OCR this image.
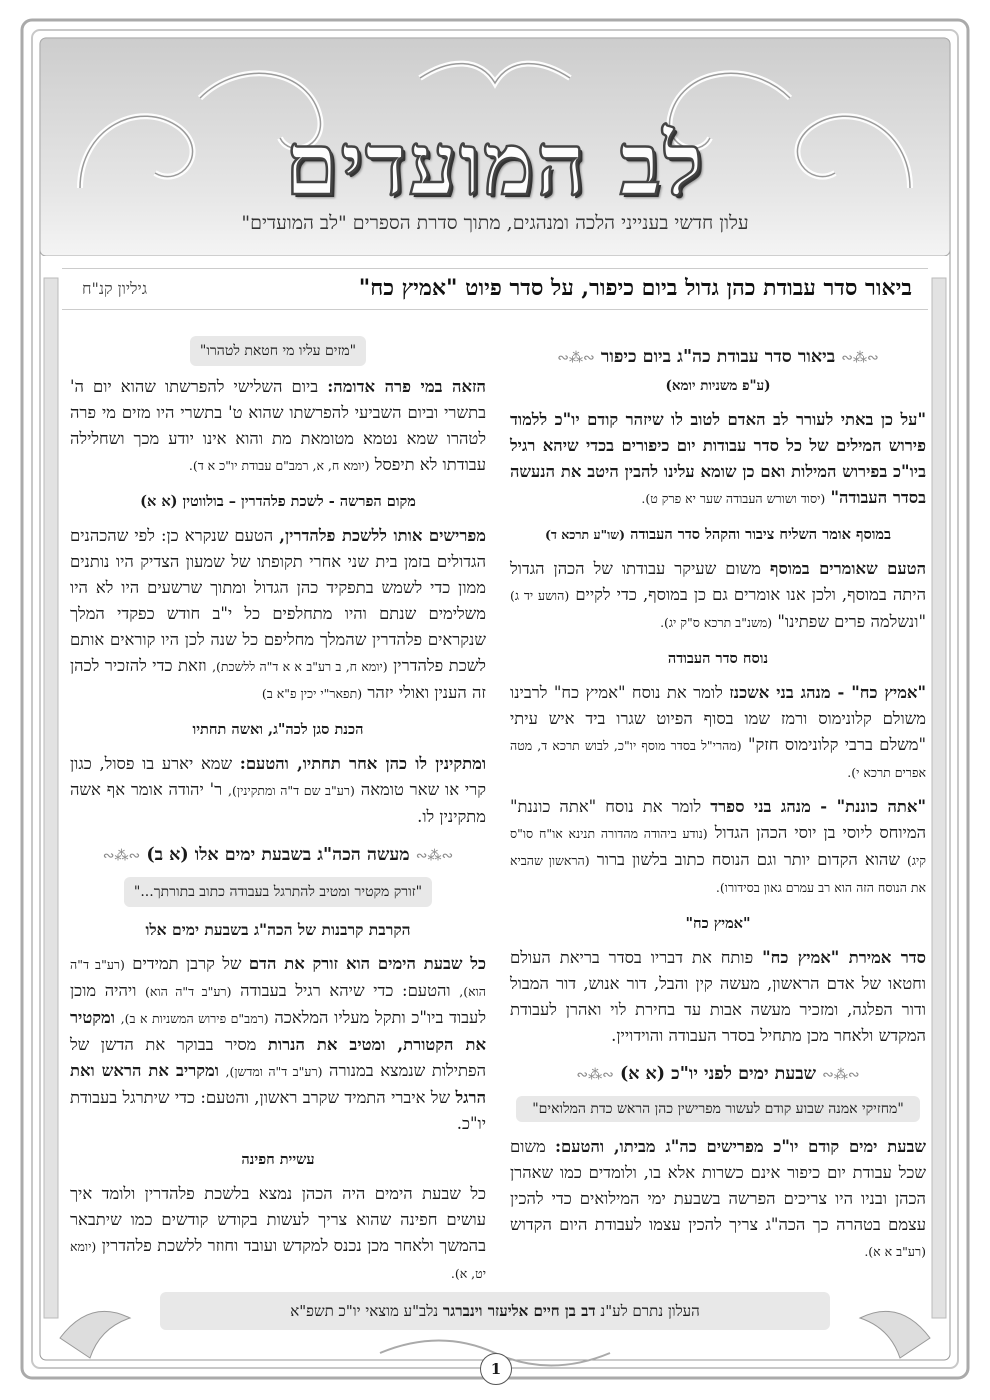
לב המועדים
עלון חדשי בענייני הלכה ומנהגים, מתוך סדרת הספרים "לב המועדים"
ביאור סדר עבודת כהן גדול ביום כיפור, על סדר פיוט "אמיץ כח"
גיליון קנ"ח
∾⁂∾ ביאור סדר עבודת כה"ג ביום כיפור ∾⁂∾
(ע"פ משניות יומא)

"על כן באתי לעורר לב האדם לטוב לו שיזהר קודם יו"כ ללמוד פירוש המילים של כל סדר עבודות יום כיפורים בכדי שיהא רגיל ביו"כ בפירוש המילות ואם כן שומא עלינו להבין היטב את הנעשה בסדר העבודה" (יסוד ושורש העבודה שער יא פרק ט).

במוסף אומר השליח ציבור והקהל סדר העבודה (שו"ע תרכא ד)

הטעם שאומרים במוסף משום שעיקר עבודתו של הכהן הגדול היתה במוסף, ולכן אנו אומרים גם כן במוסף, כדי לקיים (הושע יד ג) "ונשלמה פרים שפתינו" (משנ"ב תרכא ס"ק יג).

נוסח סדר העבודה

"אמיץ כח" - מנהג בני אשכנז לומר את נוסח "אמיץ כח" לרבינו משולם קלונימוס ורמז שמו בסוף הפיוט שגרו ביד איש עיתי "משלם ברבי קלונימוס חזק" (מהרי"ל בסדר מוסף יו"כ, לבוש תרכא ד, מטה אפרים תרכא י).

"אתה כוננת" - מנהג בני ספרד לומר את נוסח "אתה כוננת" המיוחס ליוסי בן יוסי הכהן הגדול (נודע ביהודה מהדורה תנינא או"ח סו"ס קיג) שהוא הקדום יותר וגם הנוסח כתוב בלשון ברור (הראשון שהביא את הנוסח הזה הוא רב עמרם גאון בסידורו).

"אמיץ כח"

סדר אמירת "אמיץ כח" פותח את דבריו בסדר בריאת העולם וחטאו של אדם הראשון, מעשה קין והבל, דור אנוש, דור המבול ודור הפלגה, ומזכיר מעשה אבות עד בחירת לוי ואהרן לעבודת המקדש ולאחר מכן מתחיל בסדר העבודה והוידויין.

∾⁂∾ שבעת ימים לפני יו"כ (א א) ∾⁂∾
"מחזיקי אמנה שבוע קודם לעשור מפרישין כהן הראש כדת המלואים"

שבעת ימים קודם יו"כ מפרישים כה"ג מביתו, והטעם: משום שכל עבודת יום כיפור אינם כשרות אלא בו, ולומדים כמו שאהרן הכהן ובניו היו צריכים הפרשה בשבעת ימי המילואים כדי להכין עצמם בטהרה כך הכה"ג צריך להכין עצמו לעבודת היום הקדוש (רע"ב א א).

"מזים עליו מי חטאת לטהרו"

הזאה במי פרה אדומה: ביום השלישי להפרשתו שהוא יום ה' בתשרי וביום השביעי להפרשתו שהוא ט' בתשרי היו מזים מי פרה לטהרו שמא נטמא מטומאת מת והוא אינו יודע מכך ושחלילה עבודתו לא תיפסל (יומא ח, א, רמב"ם עבודת יו"כ א ד).

מקום הפרשה - לשכת פלהדרין – בולווטין (א א)

מפרישים אותו ללשכת פלהדרין, הטעם שנקרא כן: לפי שהכהנים הגדולים בזמן בית שני אחרי תקופתו של שמעון הצדיק היו נותנים ממון כדי לשמש בתפקיד כהן הגדול ומתוך שרשעים היו לא היו משלימים שנתם והיו מתחלפים כל י"ב חודש כפקדי המלך שנקראים פלהדרין שהמלך מחליפם כל שנה לכן היו קוראים אותם לשכת פלהדרין (יומא ח, ב רע"ב א א ד"ה ללשכת), וזאת כדי להזכיר לכהן זה הענין ואולי יזהר (תפאר"י יכין פ"א ב)

הכנת סגן לכה"ג, ואשה תחתיו

ומתקינין לו כהן אחר תחתיו, והטעם: שמא יארע בו פסול, כגון קרי או שאר טומאה (רע"ב שם ד"ה ומתקינין), ר' יהודה אומר אף אשה מתקינין לו.

∾⁂∾ מעשה הכה"ג בשבעת ימים אלו (א ב) ∾⁂∾
"זורק מקטיר ומטיב להתרגל בעבודה כתוב בתורתך..."
הקרבת קרבנות של הכה"ג בשבעת ימים אלו

כל שבעת הימים הוא זורק את הדם של קרבן תמידים (רע"ב ד"ה הוא), והטעם: כדי שיהא רגיל בעבודה (רע"ב ד"ה הוא) ויהיה מוכן לעבוד ביו"כ ותקל מעליו המלאכה (רמב"ם פירוש המשניות א ב), ומקטיר את הקטורת, ומטיב את הנרות מסיר בבוקר את הדשן של הפתילות שנמצא במנורה (רע"ב ד"ה ומדשן), ומקריב את הראש ואת הרגל של איברי התמיד שקרב ראשון, והטעם: כדי שיתרגל בעבודת יו"כ.

עשיית חפינה

כל שבעת הימים היה הכהן נמצא בלשכת פלהדרין ולומד איך עושים חפינה שהוא צריך לעשות בקודש קודשים כמו שיתבאר בהמשך ולאחר מכן נכנס למקדש ועובד וחוזר ללשכת פלהדרין (יומא יט, א).

העלון נתרם לע"נ דב בן חיים אליעזר וינברגר נלב"ע מוצאי יו"כ תשפ"א
1
